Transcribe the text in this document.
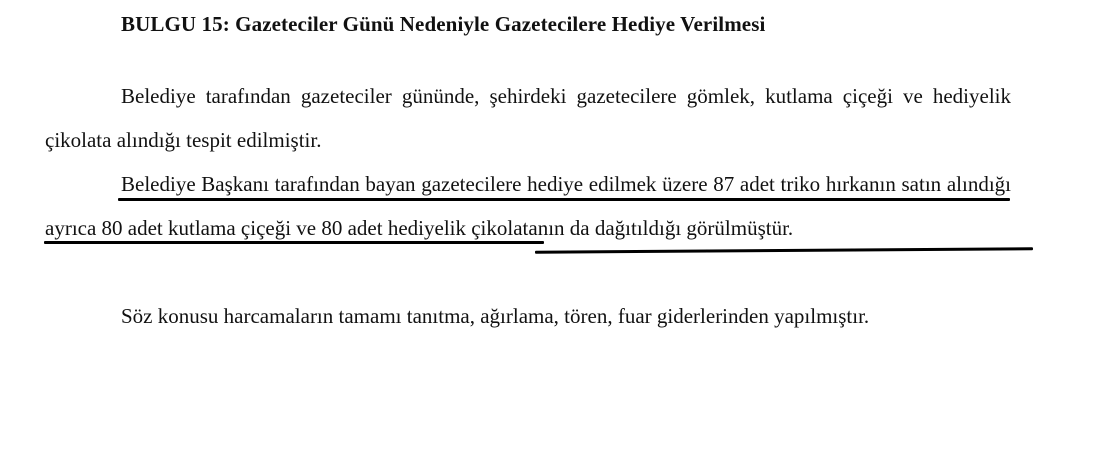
BULGU 15: Gazeteciler Günü Nedeniyle Gazetecilere Hediye Verilmesi

Belediye tarafından gazeteciler gününde, şehirdeki gazetecilere gömlek, kutlama çiçeği ve hediyelik çikolata alındığı tespit edilmiştir.

Belediye Başkanı tarafından bayan gazetecilere hediye edilmek üzere 87 adet triko hırkanın satın alındığı ayrıca 80 adet kutlama çiçeği ve 80 adet hediyelik çikolatanın da dağıtıldığı görülmüştür.

Söz konusu harcamaların tamamı tanıtma, ağırlama, tören, fuar giderlerinden yapılmıştır.
